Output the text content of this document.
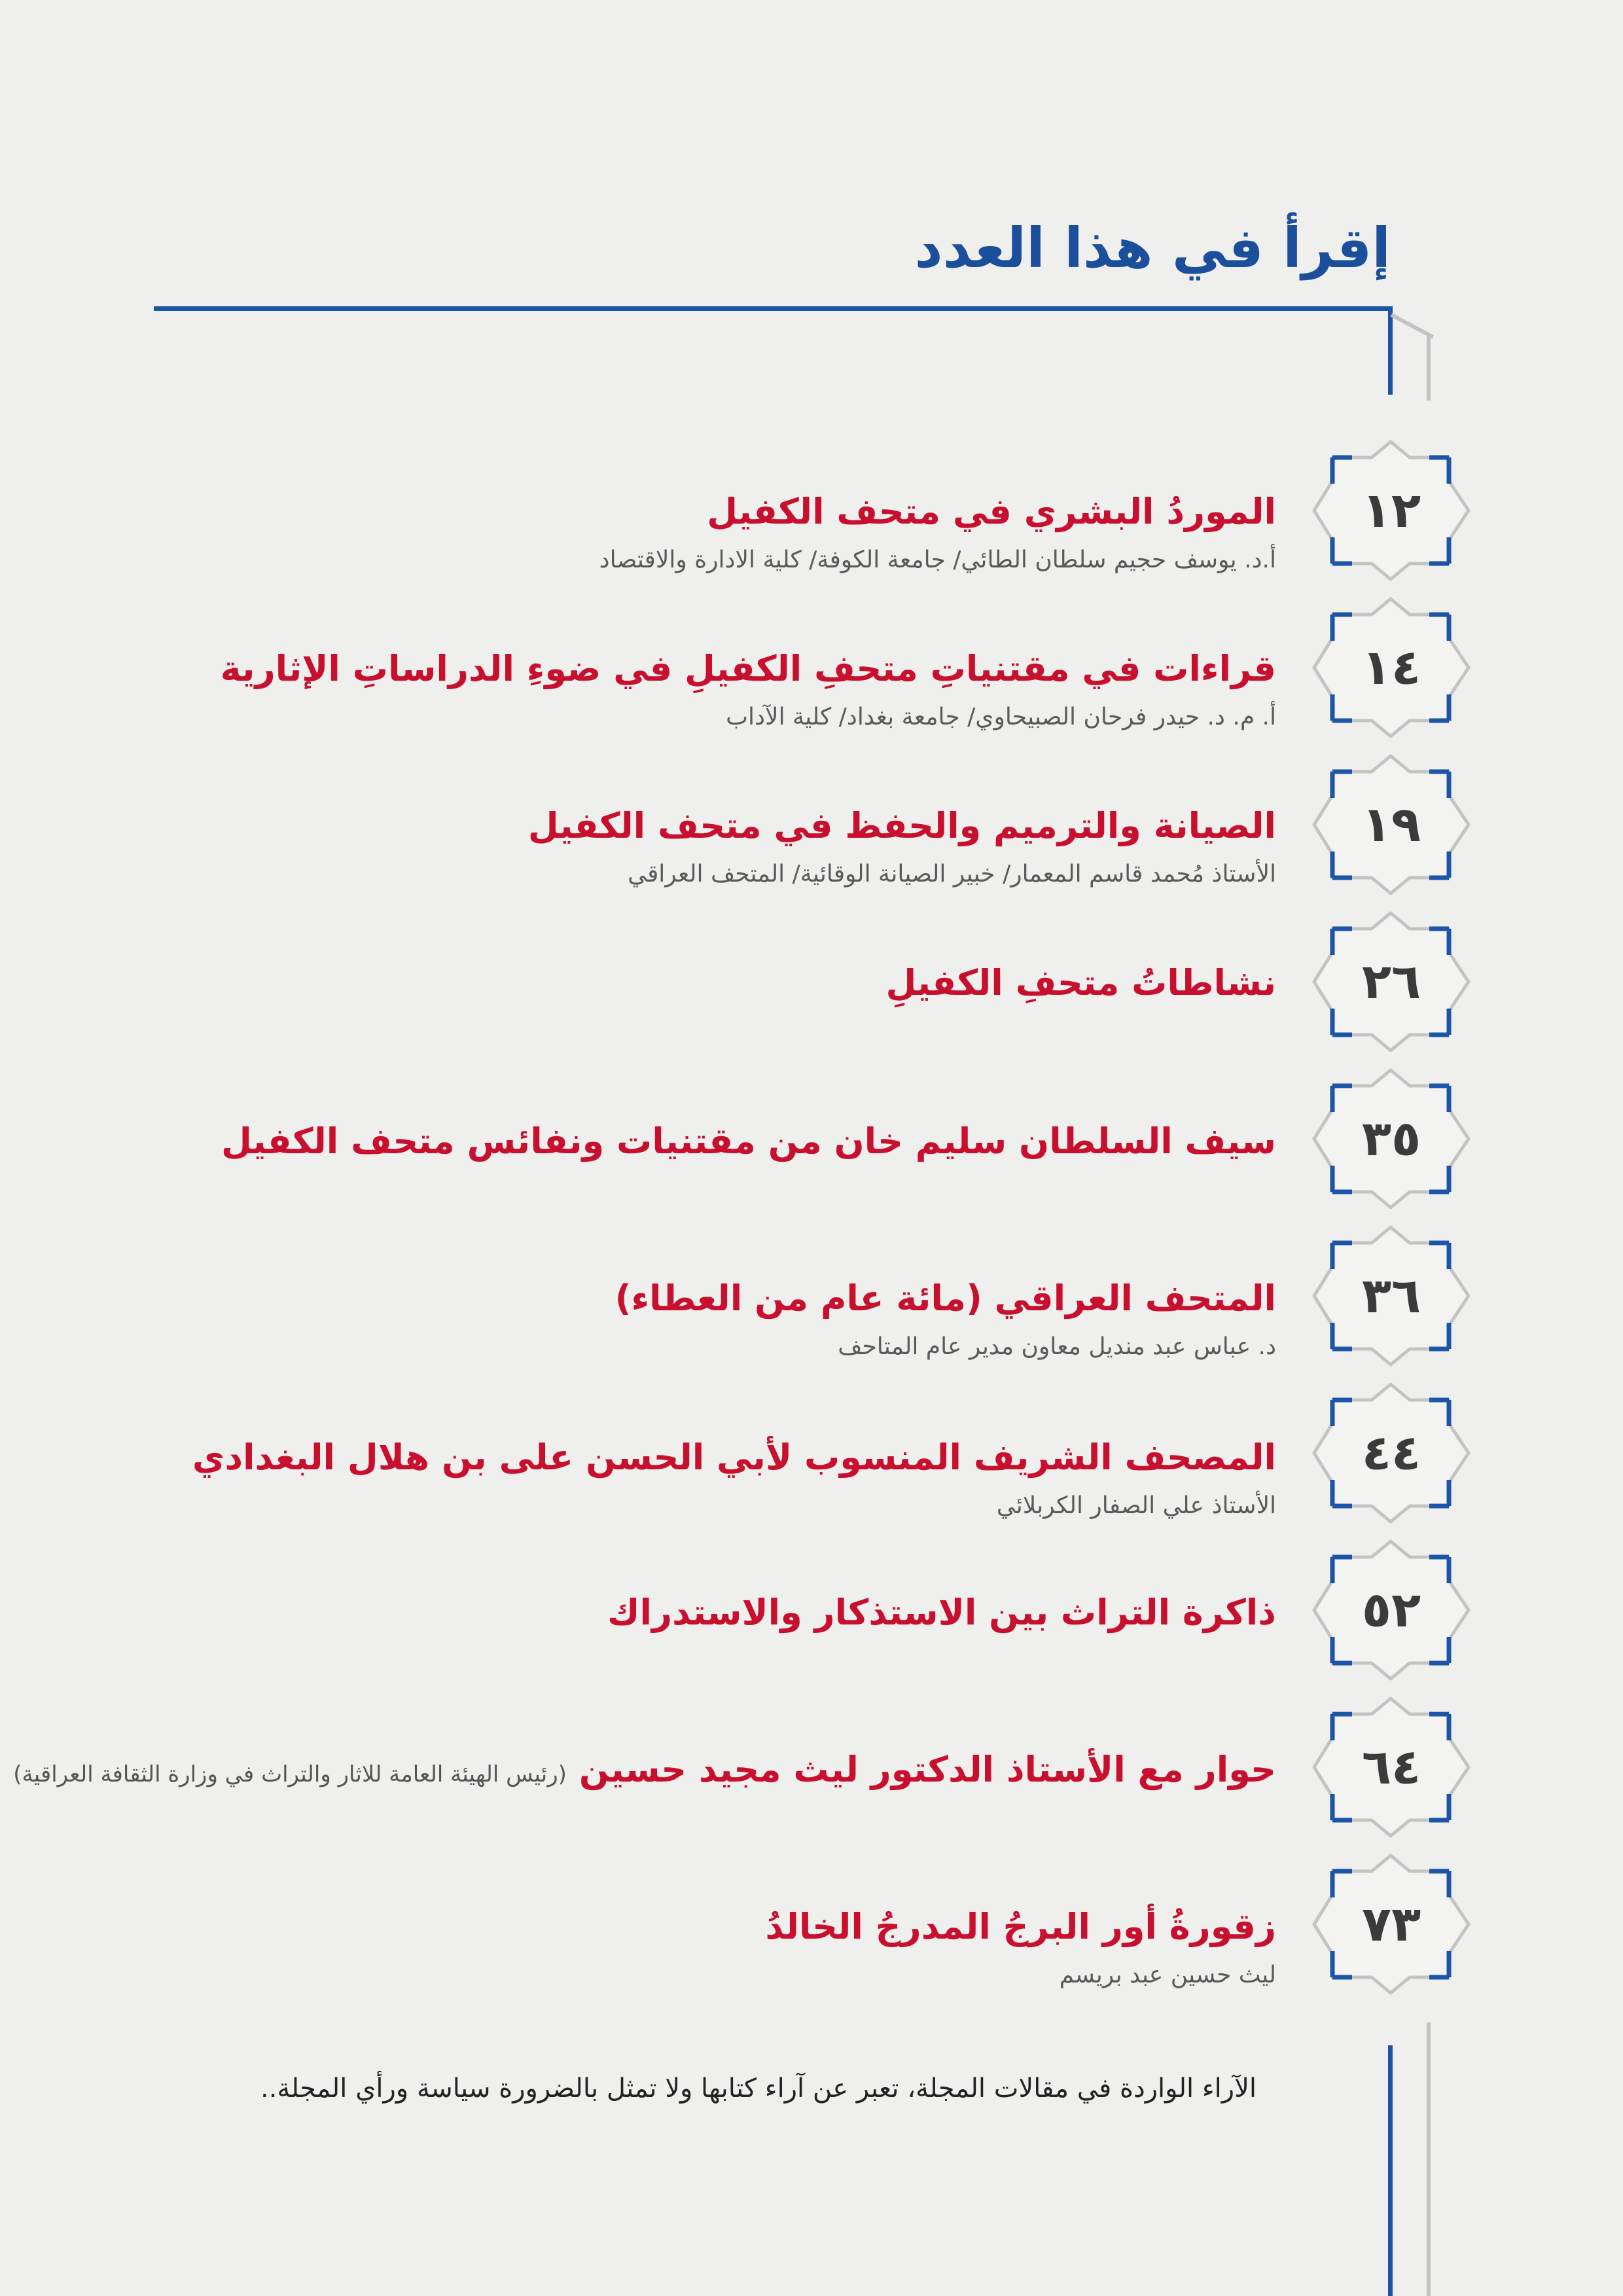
إقرأ في هذا العدد
١٢
الموردُ البشري في متحف الكفيل
أ.د. يوسف حجيم سلطان الطائي/ جامعة الكوفة/ كلية الادارة والاقتصاد
١٤
قراءات في مقتنياتِ متحفِ الكفيلِ في ضوءِ الدراساتِ الإثارية
أ. م. د. حيدر فرحان الصبيحاوي/ جامعة بغداد/ كلية الآداب
١٩
الصيانة والترميم والحفظ في متحف الكفيل
الأستاذ مُحمد قاسم المعمار/ خبير الصيانة الوقائية/ المتحف العراقي
٢٦
نشاطاتُ متحفِ الكفيلِ
٣٥
سيف السلطان سليم خان من مقتنيات ونفائس متحف الكفيل
٣٦
المتحف العراقي (مائة عام من العطاء)
د. عباس عبد منديل معاون مدير عام المتاحف
٤٤
المصحف الشريف المنسوب لأبي الحسن على بن هلال البغدادي
الأستاذ علي الصفار الكربلائي
٥٢
ذاكرة التراث بين الاستذكار والاستدراك
٦٤
حوار مع الأستاذ الدكتور ليث مجيد حسين (رئيس الهيئة العامة للاثار والتراث في وزارة الثقافة العراقية)
٧٣
زقورةُ أور البرجُ المدرجُ الخالدُ
ليث حسين عبد بريسم
الآراء الواردة في مقالات المجلة، تعبر عن آراء كتابها ولا تمثل بالضرورة سياسة ورأي المجلة..
